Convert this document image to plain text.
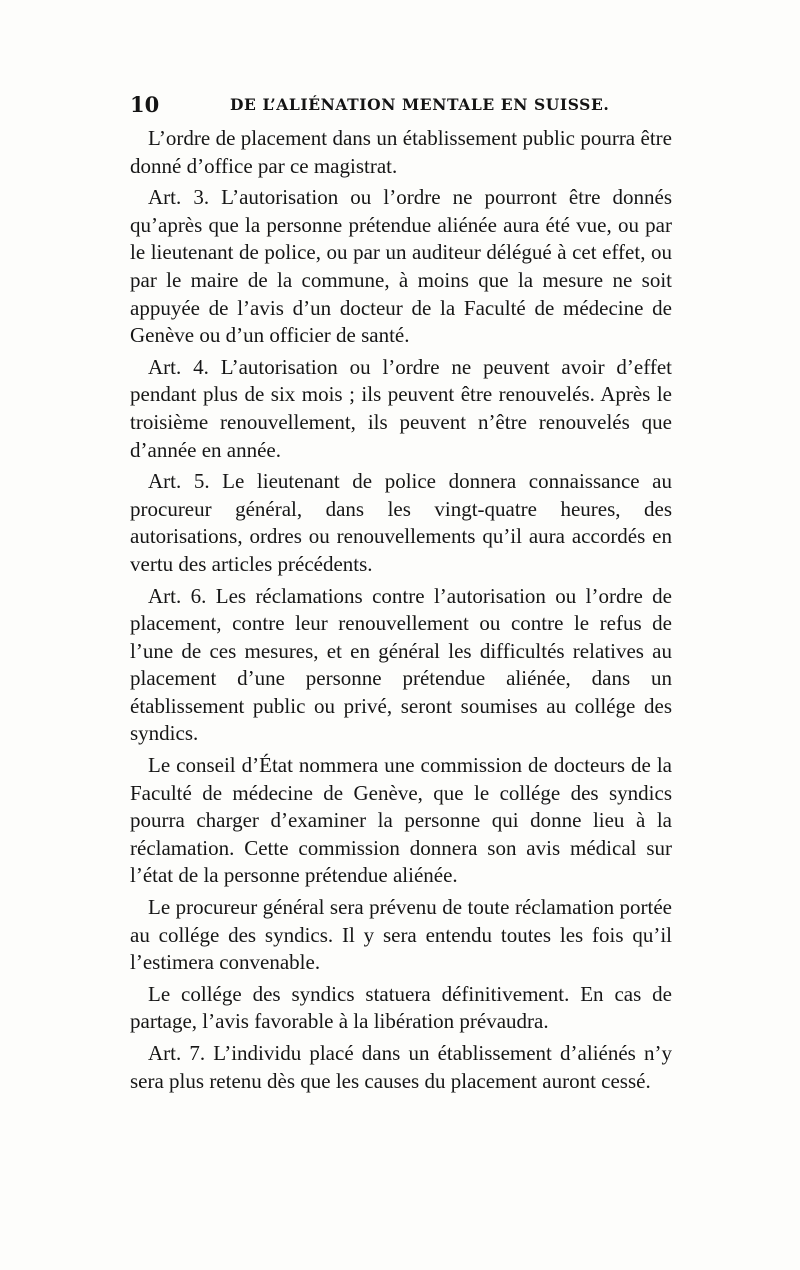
10	DE L’ALIÉNATION MENTALE EN SUISSE.

L’ordre de placement dans un établissement public pourra être donné d’office par ce magistrat.

Art. 3. L’autorisation ou l’ordre ne pourront être donnés qu’après que la personne prétendue aliénée aura été vue, ou par le lieutenant de police, ou par un auditeur délégué à cet effet, ou par le maire de la commune, à moins que la mesure ne soit appuyée de l’avis d’un docteur de la Faculté de médecine de Genève ou d’un officier de santé.

Art. 4. L’autorisation ou l’ordre ne peuvent avoir d’effet pendant plus de six mois ; ils peuvent être renouvelés. Après le troisième renouvellement, ils peuvent n’être renouvelés que d’année en année.

Art. 5. Le lieutenant de police donnera connaissance au procureur général, dans les vingt-quatre heures, des autorisations, ordres ou renouvellements qu’il aura accordés en vertu des articles précédents.

Art. 6. Les réclamations contre l’autorisation ou l’ordre de placement, contre leur renouvellement ou contre le refus de l’une de ces mesures, et en général les difficultés relatives au placement d’une personne prétendue aliénée, dans un établissement public ou privé, seront soumises au collége des syndics.

Le conseil d’État nommera une commission de docteurs de la Faculté de médecine de Genève, que le collége des syndics pourra charger d’examiner la personne qui donne lieu à la réclamation. Cette commission donnera son avis médical sur l’état de la personne prétendue aliénée.

Le procureur général sera prévenu de toute réclamation portée au collége des syndics. Il y sera entendu toutes les fois qu’il l’estimera convenable.

Le collége des syndics statuera définitivement. En cas de partage, l’avis favorable à la libération prévaudra.

Art. 7. L’individu placé dans un établissement d’aliénés n’y sera plus retenu dès que les causes du placement auront cessé.
